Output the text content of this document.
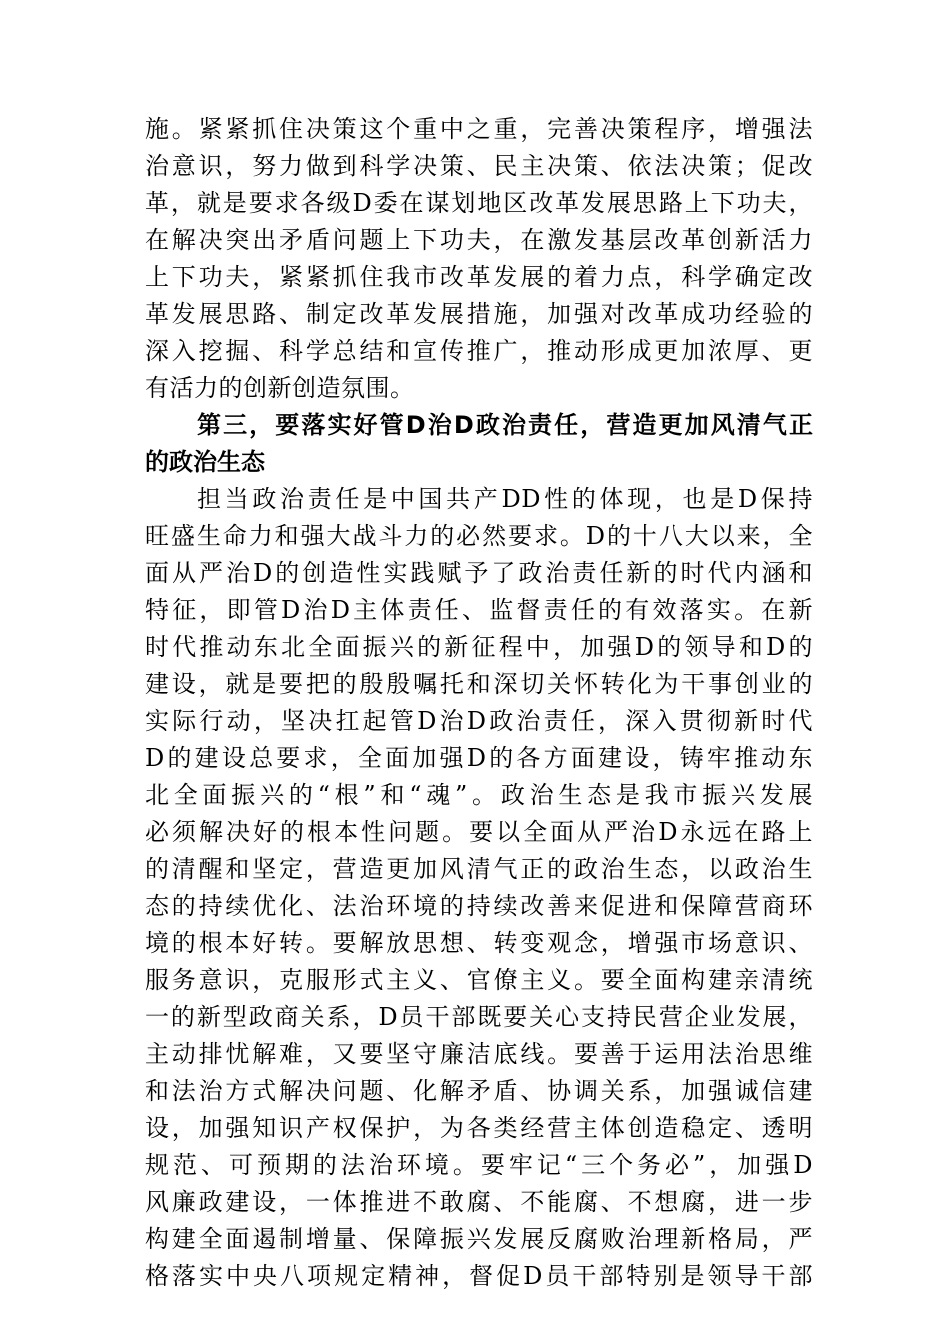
施。紧紧抓住决策这个重中之重，完善决策程序，增强法
治意识，努力做到科学决策、民主决策、依法决策；促改
革，就是要求各级D委在谋划地区改革发展思路上下功夫，
在解决突出矛盾问题上下功夫，在激发基层改革创新活力
上下功夫，紧紧抓住我市改革发展的着力点，科学确定改
革发展思路、制定改革发展措施，加强对改革成功经验的
深入挖掘、科学总结和宣传推广，推动形成更加浓厚、更
有活力的创新创造氛围。
第三，要落实好管D治D政治责任，营造更加风清气正
的政治生态
担当政治责任是中国共产DD性的体现，也是D保持
旺盛生命力和强大战斗力的必然要求。D的十八大以来，全
面从严治D的创造性实践赋予了政治责任新的时代内涵和
特征，即管D治D主体责任、监督责任的有效落实。在新
时代推动东北全面振兴的新征程中，加强D的领导和D的
建设，就是要把的殷殷嘱托和深切关怀转化为干事创业的
实际行动，坚决扛起管D治D政治责任，深入贯彻新时代
D的建设总要求，全面加强D的各方面建设，铸牢推动东
北全面振兴的“根”和“魂”。政治生态是我市振兴发展
必须解决好的根本性问题。要以全面从严治D永远在路上
的清醒和坚定，营造更加风清气正的政治生态，以政治生
态的持续优化、法治环境的持续改善来促进和保障营商环
境的根本好转。要解放思想、转变观念，增强市场意识、
服务意识，克服形式主义、官僚主义。要全面构建亲清统
一的新型政商关系，D员干部既要关心支持民营企业发展，
主动排忧解难，又要坚守廉洁底线。要善于运用法治思维
和法治方式解决问题、化解矛盾、协调关系，加强诚信建
设，加强知识产权保护，为各类经营主体创造稳定、透明
规范、可预期的法治环境。要牢记“三个务必”，加强D
风廉政建设，一体推进不敢腐、不能腐、不想腐，进一步
构建全面遏制增量、保障振兴发展反腐败治理新格局，严
格落实中央八项规定精神，督促D员干部特别是领导干部
